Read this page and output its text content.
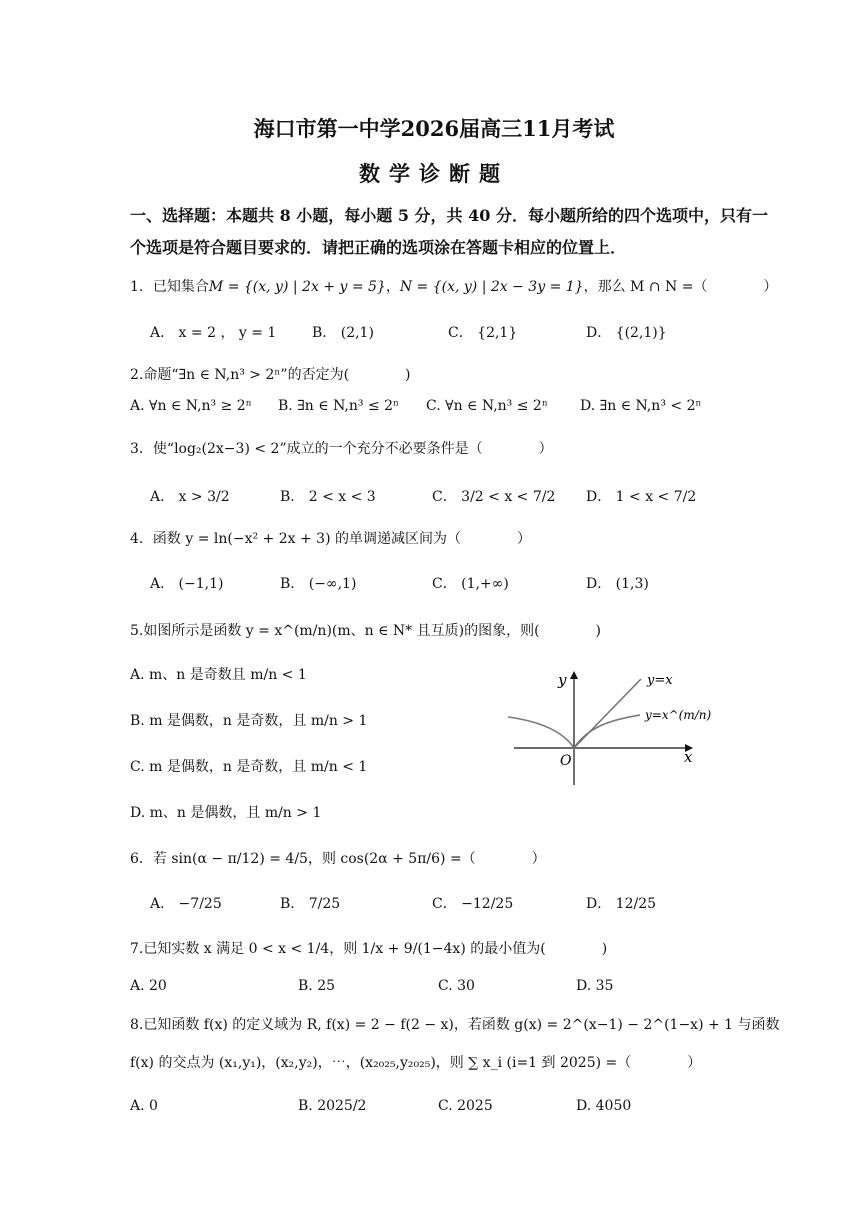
海口市第一中学2026届高三11月考试
数学诊断题
一、选择题：本题共 8 小题，每小题 5 分，共 40 分．每小题所给的四个选项中，只有一个选项是符合题目要求的．请把正确的选项涂在答题卡相应的位置上．
1．已知集合M = {(x, y) | 2x + y = 5}，N = {(x, y) | 2x − 3y = 1}，那么 M ∩ N =（　　　　）
A． x = 2 ， y = 1	B． (2,1)	C． {2,1}	D． {(2,1)}
2.命题“∃n ∈ N,n³ > 2ⁿ”的否定为(　　　　)
A. ∀n ∈ N,n³ ≥ 2ⁿ B. ∃n ∈ N,n³ ≤ 2ⁿ C. ∀n ∈ N,n³ ≤ 2ⁿ D. ∃n ∈ N,n³ < 2ⁿ
3．使“log₂(2x−3) < 2”成立的一个充分不必要条件是（　　　　）
A． x > 3/2	B． 2 < x < 3	C． 3/2 < x < 7/2 D． 1 < x < 7/2
4．函数 y = ln(−x² + 2x + 3) 的单调递减区间为（　　　　）
A． (−1,1)	B． (−∞,1)	C． (1,+∞)	D． (1,3)
5.如图所示是函数 y = x^(m/n)(m、n ∈ N* 且互质)的图象，则(　　　　)
A. m、n 是奇数且 m/n < 1
B. m 是偶数，n 是奇数，且 m/n > 1
C. m 是偶数，n 是奇数，且 m/n < 1
D. m、n 是偶数，且 m/n > 1
y
x
O
y=x
y=x^(m/n)
6．若 sin(α − π/12) = 4/5，则 cos(2α + 5π/6) =（　　　　）
A． −7/25	B． 7/25	C． −12/25	D． 12/25
7.已知实数 x 满足 0 < x < 1/4，则 1/x + 9/(1−4x) 的最小值为(　　　　)
A. 20	B. 25	C. 30	D. 35
8.已知函数 f(x) 的定义域为 R, f(x) = 2 − f(2 − x)，若函数 g(x) = 2^(x−1) − 2^(1−x) + 1 与函数
f(x) 的交点为 (x₁,y₁)，(x₂,y₂)，⋯，(x₂₀₂₅,y₂₀₂₅)，则 ∑ x_i (i=1 到 2025) =（　　　　）
A. 0	B. 2025/2	C. 2025	D. 4050
